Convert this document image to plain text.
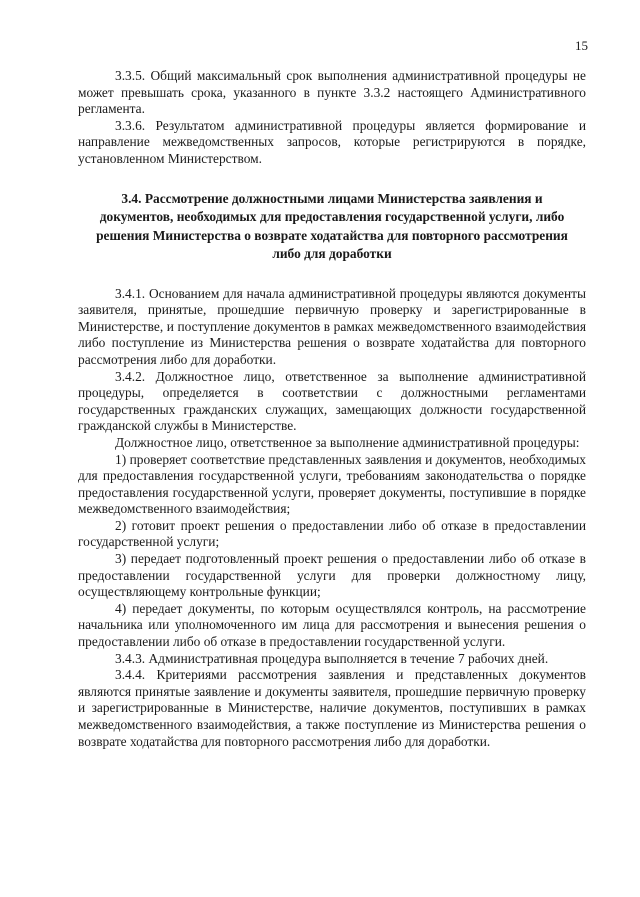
15

3.3.5. Общий максимальный срок выполнения административной процедуры не может превышать срока, указанного в пункте 3.3.2 настоящего Административного регламента.

3.3.6. Результатом административной процедуры является формирование и направление межведомственных запросов, которые регистрируются в порядке, установленном Министерством.

3.4. Рассмотрение должностными лицами Министерства заявления и документов, необходимых для предоставления государственной услуги, либо решения Министерства о возврате ходатайства для повторного рассмотрения либо для доработки

3.4.1. Основанием для начала административной процедуры являются документы заявителя, принятые, прошедшие первичную проверку и зарегистрированные в Министерстве, и поступление документов в рамках межведомственного взаимодействия либо поступление из Министерства решения о возврате ходатайства для повторного рассмотрения либо для доработки.

3.4.2. Должностное лицо, ответственное за выполнение административной процедуры, определяется в соответствии с должностными регламентами государственных гражданских служащих, замещающих должности государственной гражданской службы в Министерстве.

Должностное лицо, ответственное за выполнение административной процедуры:

1) проверяет соответствие представленных заявления и документов, необходимых для предоставления государственной услуги, требованиям законодательства о порядке предоставления государственной услуги, проверяет документы, поступившие в порядке межведомственного взаимодействия;

2) готовит проект решения о предоставлении либо об отказе в предоставлении государственной услуги;

3) передает подготовленный проект решения о предоставлении либо об отказе в предоставлении государственной услуги для проверки должностному лицу, осуществляющему контрольные функции;

4) передает документы, по которым осуществлялся контроль, на рассмотрение начальника или уполномоченного им лица для рассмотрения и вынесения решения о предоставлении либо об отказе в предоставлении государственной услуги.

3.4.3. Административная процедура выполняется в течение 7 рабочих дней.

3.4.4. Критериями рассмотрения заявления и представленных документов являются принятые заявление и документы заявителя, прошедшие первичную проверку и зарегистрированные в Министерстве, наличие документов, поступивших в рамках межведомственного взаимодействия, а также поступление из Министерства решения о возврате ходатайства для повторного рассмотрения либо для доработки.
